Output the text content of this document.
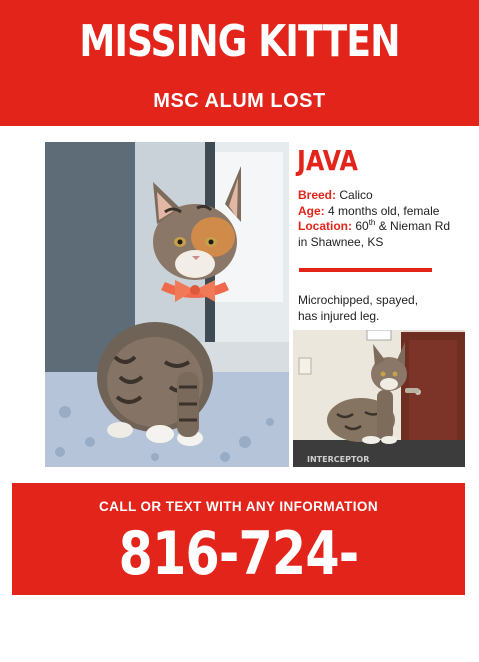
MISSING KITTEN
MSC ALUM LOST
JAVA
Breed: Calico
Age: 4 months old, female
Location: 60th & Nieman Rd
in Shawnee, KS
Microchipped, spayed,
has injured leg.
INTERCEPTOR
CALL OR TEXT WITH ANY INFORMATION
816-724-9631
